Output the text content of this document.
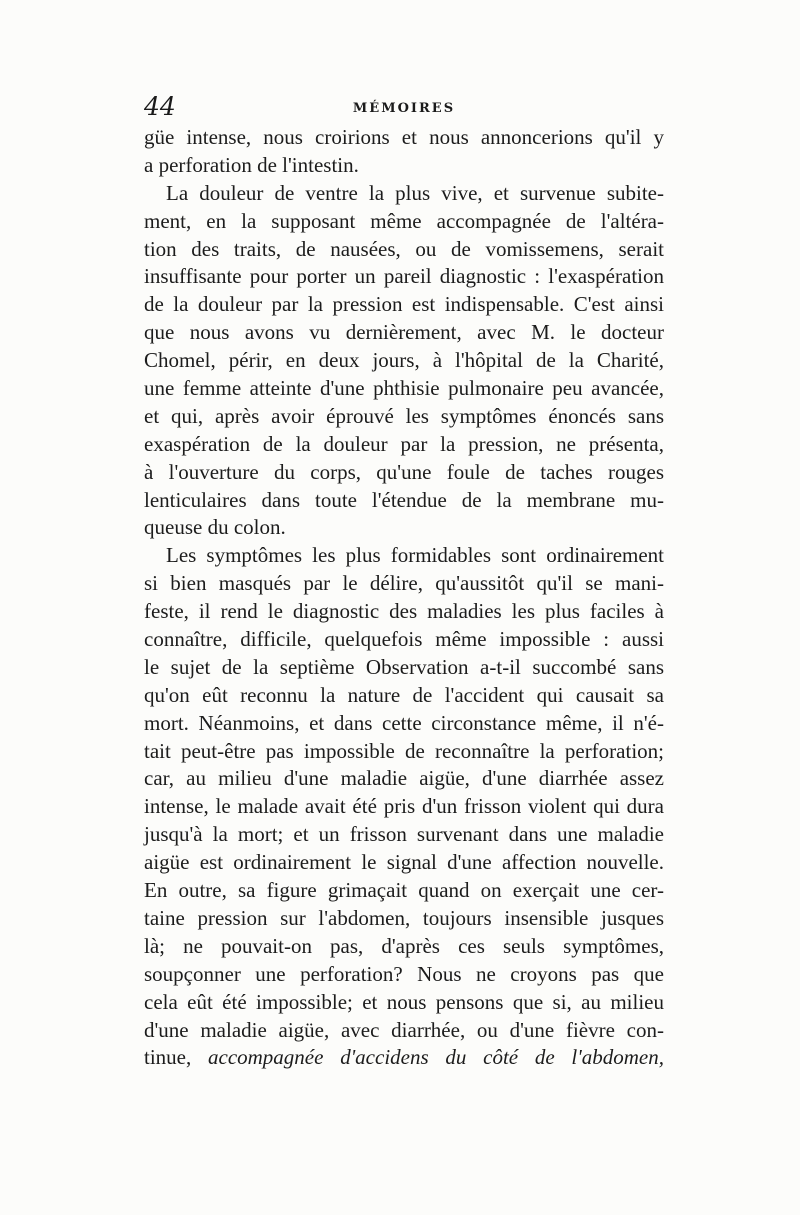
44	MÉMOIRES
güe intense, nous croirions et nous annoncerions qu'il y
a perforation de l'intestin.
La douleur de ventre la plus vive, et survenue subite-
ment, en la supposant même accompagnée de l'altéra-
tion des traits, de nausées, ou de vomissemens, serait
insuffisante pour porter un pareil diagnostic : l'exaspération
de la douleur par la pression est indispensable. C'est ainsi
que nous avons vu dernièrement, avec M. le docteur
Chomel, périr, en deux jours, à l'hôpital de la Charité,
une femme atteinte d'une phthisie pulmonaire peu avancée,
et qui, après avoir éprouvé les symptômes énoncés sans
exaspération de la douleur par la pression, ne présenta,
à l'ouverture du corps, qu'une foule de taches rouges
lenticulaires dans toute l'étendue de la membrane mu-
queuse du colon.
Les symptômes les plus formidables sont ordinairement
si bien masqués par le délire, qu'aussitôt qu'il se mani-
feste, il rend le diagnostic des maladies les plus faciles à
connaître, difficile, quelquefois même impossible : aussi
le sujet de la septième Observation a-t-il succombé sans
qu'on eût reconnu la nature de l'accident qui causait sa
mort. Néanmoins, et dans cette circonstance même, il n'é-
tait peut-être pas impossible de reconnaître la perforation;
car, au milieu d'une maladie aigüe, d'une diarrhée assez
intense, le malade avait été pris d'un frisson violent qui dura
jusqu'à la mort; et un frisson survenant dans une maladie
aigüe est ordinairement le signal d'une affection nouvelle.
En outre, sa figure grimaçait quand on exerçait une cer-
taine pression sur l'abdomen, toujours insensible jusques
là; ne pouvait-on pas, d'après ces seuls symptômes,
soupçonner une perforation? Nous ne croyons pas que
cela eût été impossible; et nous pensons que si, au milieu
d'une maladie aigüe, avec diarrhée, ou d'une fièvre con-
tinue, accompagnée d'accidens du côté de l'abdomen,
